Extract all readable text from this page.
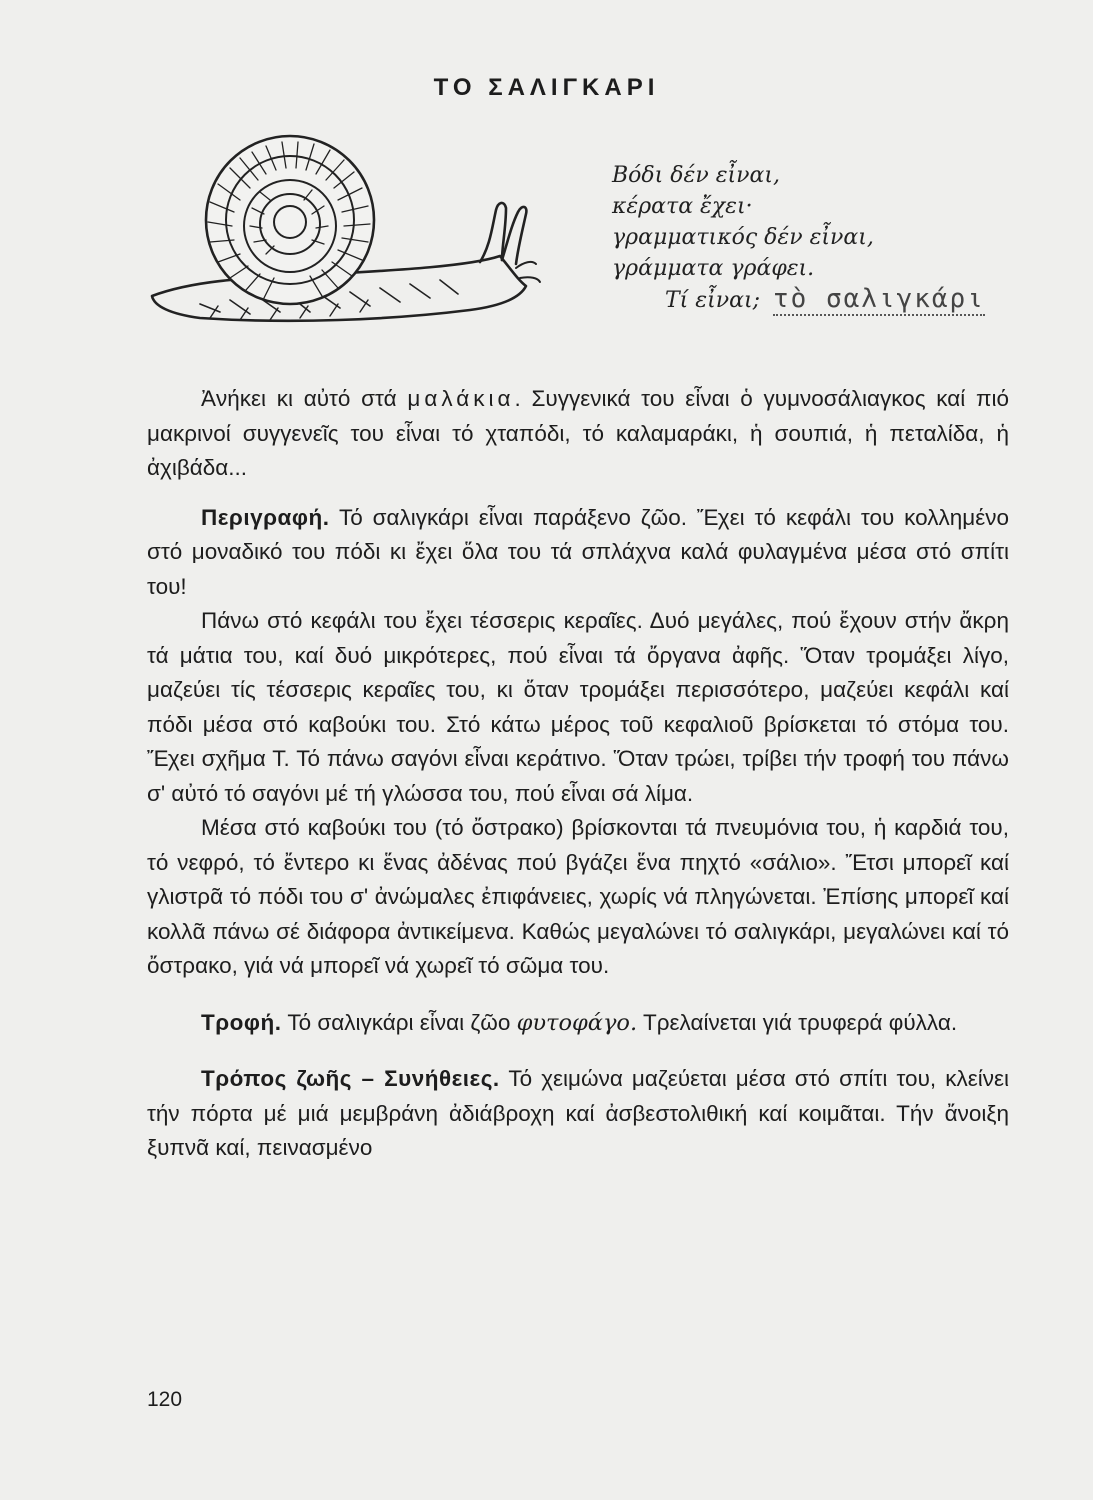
ΤΟ ΣΑΛΙΓΚΑΡΙ
Βόδι δέν εἶναι,
κέρατα ἔχει·
γραμματικός δέν εἶναι,
γράμματα γράφει.
Τί εἶναι; τὸ σαλιγκάρι

Ἀνήκει κι αὐτό στά μαλάκια. Συγγενικά του εἶναι ὁ γυμνοσάλιαγκος καί πιό μακρινοί συγγενεῖς του εἶναι τό χταπόδι, τό καλαμαράκι, ἡ σουπιά, ἡ πεταλίδα, ἡ ἀχιβάδα...

Περιγραφή. Τό σαλιγκάρι εἶναι παράξενο ζῶο. Ἔχει τό κεφάλι του κολλημένο στό μοναδικό του πόδι κι ἔχει ὅλα του τά σπλάχνα καλά φυλαγμένα μέσα στό σπίτι του!

Πάνω στό κεφάλι του ἔχει τέσσερις κεραῖες. Δυό μεγάλες, πού ἔχουν στήν ἄκρη τά μάτια του, καί δυό μικρότερες, πού εἶναι τά ὄργανα ἀφῆς. Ὅταν τρομάξει λίγο, μαζεύει τίς τέσσερις κεραῖες του, κι ὅταν τρομάξει περισσότερο, μαζεύει κεφάλι καί πόδι μέσα στό καβούκι του. Στό κάτω μέρος τοῦ κεφαλιοῦ βρίσκεται τό στόμα του. Ἔχει σχῆμα Τ. Τό πάνω σαγόνι εἶναι κεράτινο. Ὅταν τρώει, τρίβει τήν τροφή του πάνω σ' αὐτό τό σαγόνι μέ τή γλώσσα του, πού εἶναι σά λίμα.

Μέσα στό καβούκι του (τό ὄστρακο) βρίσκονται τά πνευμόνια του, ἡ καρδιά του, τό νεφρό, τό ἔντερο κι ἕνας ἀδένας πού βγάζει ἕνα πηχτό «σάλιο». Ἔτσι μπορεῖ καί γλιστρᾶ τό πόδι του σ' ἀνώμαλες ἐπιφάνειες, χωρίς νά πληγώνεται. Ἐπίσης μπορεῖ καί κολλᾶ πάνω σέ διάφορα ἀντικείμενα. Καθώς μεγαλώνει τό σαλιγκάρι, μεγαλώνει καί τό ὄστρακο, γιά νά μπορεῖ νά χωρεῖ τό σῶμα του.

Τροφή. Τό σαλιγκάρι εἶναι ζῶο φυτοφάγο. Τρελαίνεται γιά τρυφερά φύλλα.

Τρόπος ζωῆς – Συνήθειες. Τό χειμώνα μαζεύεται μέσα στό σπίτι του, κλείνει τήν πόρτα μέ μιά μεμβράνη ἀδιάβροχη καί ἀσβεστολιθική καί κοιμᾶται. Τήν ἄνοιξη ξυπνᾶ καί, πεινασμένο

120
